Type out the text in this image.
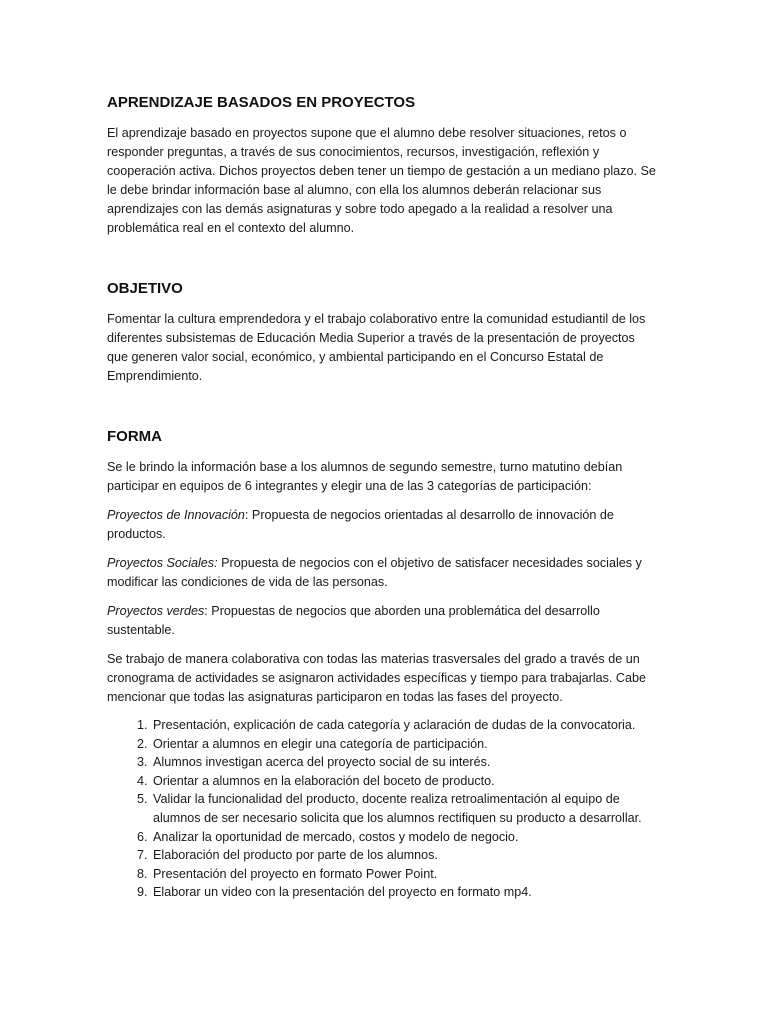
APRENDIZAJE BASADOS EN PROYECTOS

El aprendizaje basado en proyectos supone que el alumno debe resolver situaciones, retos o responder preguntas, a través de sus conocimientos, recursos, investigación, reflexión y cooperación activa. Dichos proyectos deben tener un tiempo de gestación a un mediano plazo. Se le debe brindar información base al alumno, con ella los alumnos deberán relacionar sus aprendizajes con las demás asignaturas y sobre todo apegado a la realidad a resolver una problemática real en el contexto del alumno.

OBJETIVO

Fomentar la cultura emprendedora y el trabajo colaborativo entre la comunidad estudiantil de los diferentes subsistemas de Educación Media Superior a través de la presentación de proyectos que generen valor social, económico, y ambiental participando en el Concurso Estatal de Emprendimiento.

FORMA

Se le brindo la información base a los alumnos de segundo semestre, turno matutino debían participar en equipos de 6 integrantes y elegir una de las 3 categorías de participación:

Proyectos de Innovación: Propuesta de negocios orientadas al desarrollo de innovación de productos.

Proyectos Sociales: Propuesta de negocios con el objetivo de satisfacer necesidades sociales y modificar las condiciones de vida de las personas.

Proyectos verdes: Propuestas de negocios que aborden una problemática del desarrollo sustentable.

Se trabajo de manera colaborativa con todas las materias trasversales del grado a través de un cronograma de actividades se asignaron actividades específicas y tiempo para trabajarlas. Cabe mencionar que todas las asignaturas participaron en todas las fases del proyecto.

1. Presentación, explicación de cada categoría y aclaración de dudas de la convocatoria.
2. Orientar a alumnos en elegir una categoría de participación.
3. Alumnos investigan acerca del proyecto social de su interés.
4. Orientar a alumnos en la elaboración del boceto de producto.
5. Validar la funcionalidad del producto, docente realiza retroalimentación al equipo de alumnos de ser necesario solicita que los alumnos rectifiquen su producto a desarrollar.
6. Analizar la oportunidad de mercado, costos y modelo de negocio.
7. Elaboración del producto por parte de los alumnos.
8. Presentación del proyecto en formato Power Point.
9. Elaborar un video con la presentación del proyecto en formato mp4.
